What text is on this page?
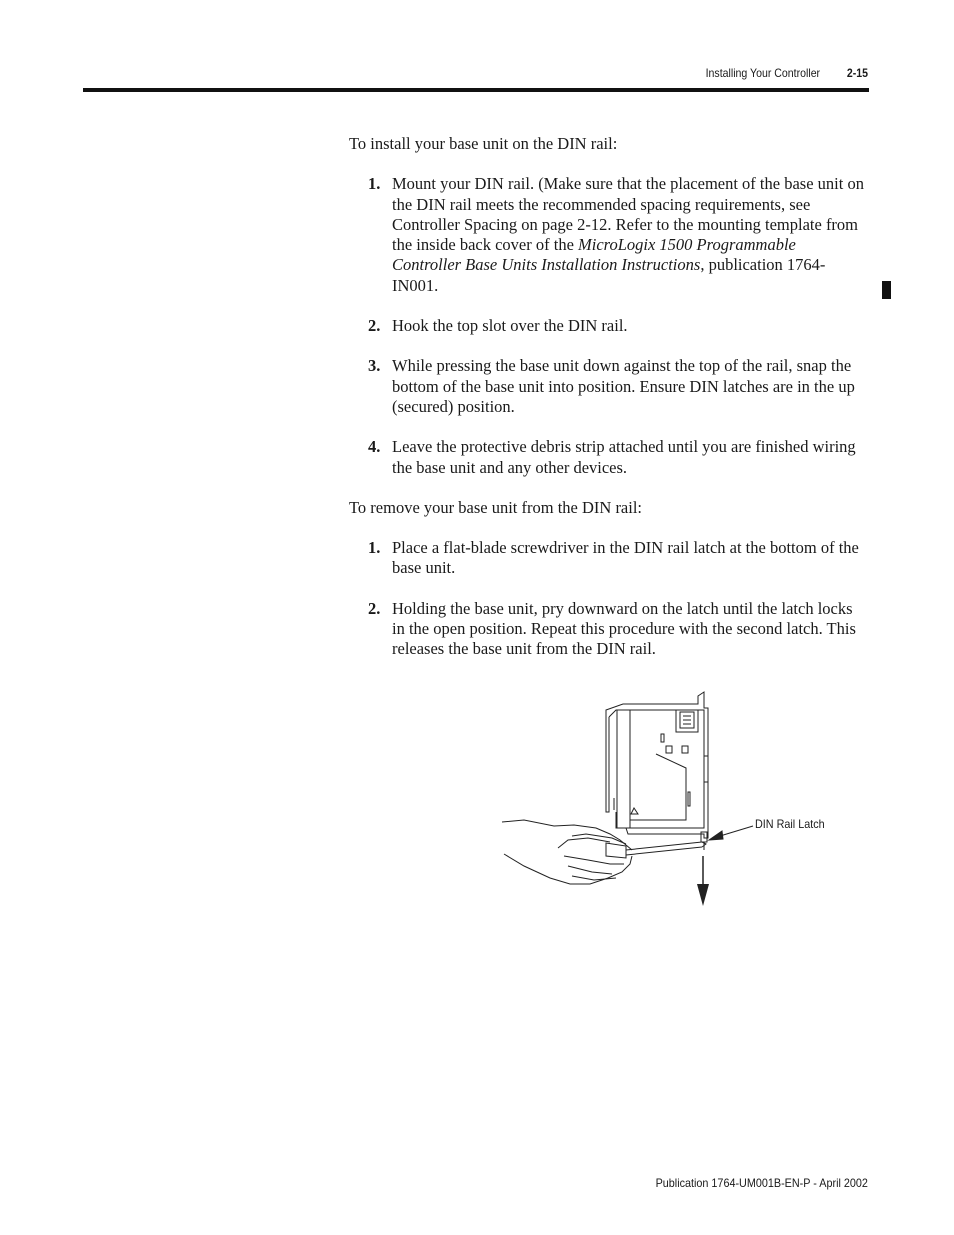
Installing Your Controller 2-15

To install your base unit on the DIN rail:

1. Mount your DIN rail. (Make sure that the placement of the base unit on the DIN rail meets the recommended spacing requirements, see Controller Spacing on page 2-12. Refer to the mounting template from the inside back cover of the MicroLogix 1500 Programmable Controller Base Units Installation Instructions, publication 1764-IN001.
2. Hook the top slot over the DIN rail.
3. While pressing the base unit down against the top of the rail, snap the bottom of the base unit into position. Ensure DIN latches are in the up (secured) position.
4. Leave the protective debris strip attached until you are finished wiring the base unit and any other devices.

To remove your base unit from the DIN rail:

1. Place a flat-blade screwdriver in the DIN rail latch at the bottom of the base unit.
2. Holding the base unit, pry downward on the latch until the latch locks in the open position. Repeat this procedure with the second latch. This releases the base unit from the DIN rail.
DIN Rail Latch
Publication 1764-UM001B-EN-P - April 2002
